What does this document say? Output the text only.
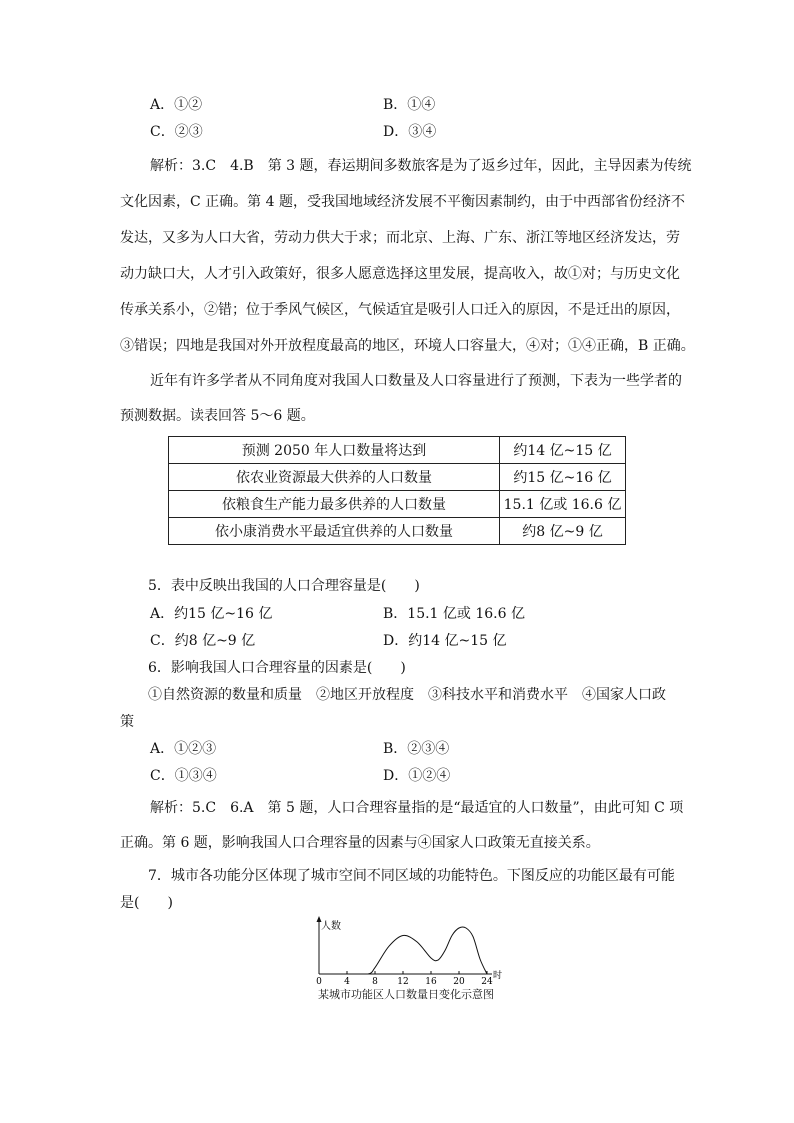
A．①②	B．①④
C．②③	D．③④
解析：3.C　4.B　第 3 题，春运期间多数旅客是为了返乡过年，因此，主导因素为传统
文化因素，C 正确。第 4 题，受我国地域经济发展不平衡因素制约，由于中西部省份经济不
发达，又多为人口大省，劳动力供大于求；而北京、上海、广东、浙江等地区经济发达，劳
动力缺口大，人才引入政策好，很多人愿意选择这里发展，提高收入，故①对；与历史文化
传承关系小，②错；位于季风气候区，气候适宜是吸引人口迁入的原因，不是迁出的原因，
③错误；四地是我国对外开放程度最高的地区，环境人口容量大，④对；①④正确，B 正确。
近年有许多学者从不同角度对我国人口数量及人口容量进行了预测，下表为一些学者的
预测数据。读表回答 5～6 题。
预测 2050 年人口数量将达到	约14 亿~15 亿
依农业资源最大供养的人口数量	约15 亿~16 亿
依粮食生产能力最多供养的人口数量	15.1 亿或 16.6 亿
依小康消费水平最适宜供养的人口数量	约8 亿~9 亿
5．表中反映出我国的人口合理容量是(　　)
A．约15 亿~16 亿	B．15.1 亿或 16.6 亿
C．约8 亿~9 亿	D．约14 亿~15 亿
6．影响我国人口合理容量的因素是(　　)
①自然资源的数量和质量　②地区开放程度　③科技水平和消费水平　④国家人口政
策
A．①②③	B．②③④
C．①③④	D．①②④
解析：5.C　6.A　第 5 题，人口合理容量指的是“最适宜的人口数量”，由此可知 C 项
正确。第 6 题，影响我国人口合理容量的因素与④国家人口政策无直接关系。
7．城市各功能分区体现了城市空间不同区域的功能特色。下图反应的功能区最有可能
是(　　)
人数
时
0 4 8 12 16 20 24
某城市功能区人口数量日变化示意图
